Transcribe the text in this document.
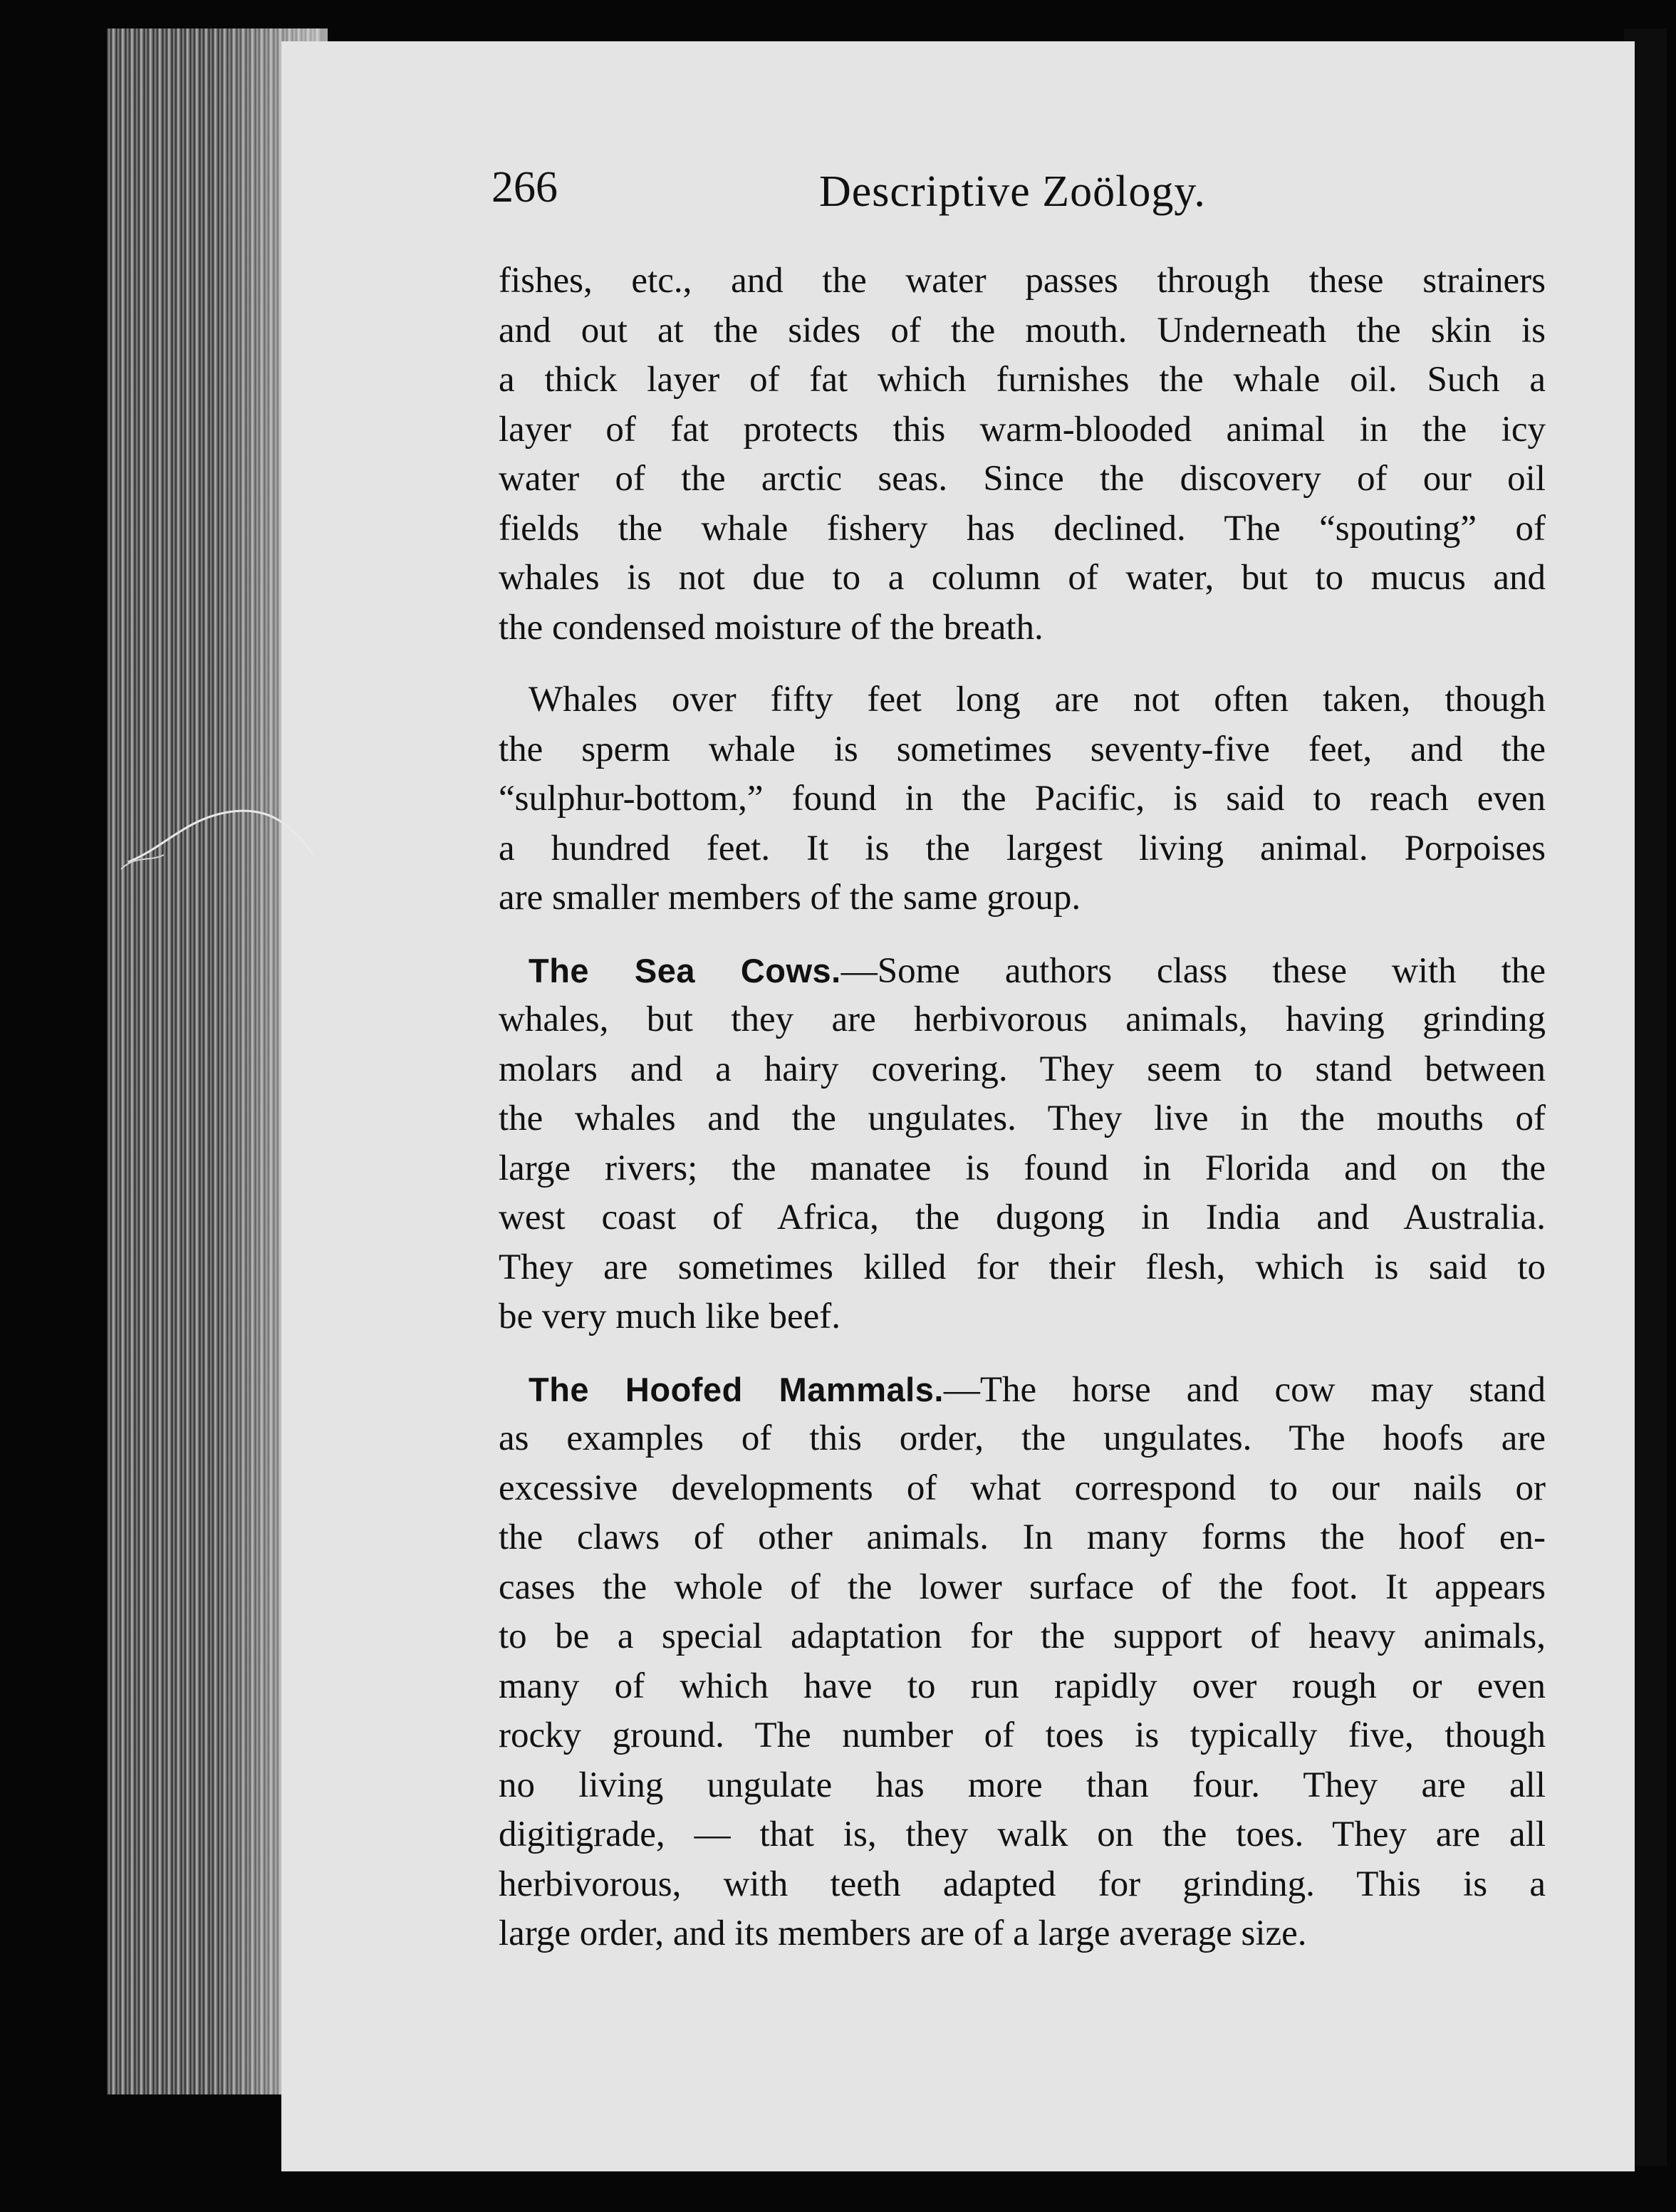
266	Descriptive Zoölogy.
fishes, etc., and the water passes through these strainers
and out at the sides of the mouth. Underneath the skin is
a thick layer of fat which furnishes the whale oil. Such a
layer of fat protects this warm-blooded animal in the icy
water of the arctic seas. Since the discovery of our oil
fields the whale fishery has declined. The “spouting” of
whales is not due to a column of water, but to mucus and
the condensed moisture of the breath.
Whales over fifty feet long are not often taken, though
the sperm whale is sometimes seventy-five feet, and the
“sulphur-bottom,” found in the Pacific, is said to reach even
a hundred feet. It is the largest living animal. Porpoises
are smaller members of the same group.
The Sea Cows.—Some authors class these with the
whales, but they are herbivorous animals, having grinding
molars and a hairy covering. They seem to stand between
the whales and the ungulates. They live in the mouths of
large rivers; the manatee is found in Florida and on the
west coast of Africa, the dugong in India and Australia.
They are sometimes killed for their flesh, which is said to
be very much like beef.
The Hoofed Mammals.—The horse and cow may stand
as examples of this order, the ungulates. The hoofs are
excessive developments of what correspond to our nails or
the claws of other animals. In many forms the hoof en-
cases the whole of the lower surface of the foot. It appears
to be a special adaptation for the support of heavy animals,
many of which have to run rapidly over rough or even
rocky ground. The number of toes is typically five, though
no living ungulate has more than four. They are all
digitigrade, — that is, they walk on the toes. They are all
herbivorous, with teeth adapted for grinding. This is a
large order, and its members are of a large average size.
